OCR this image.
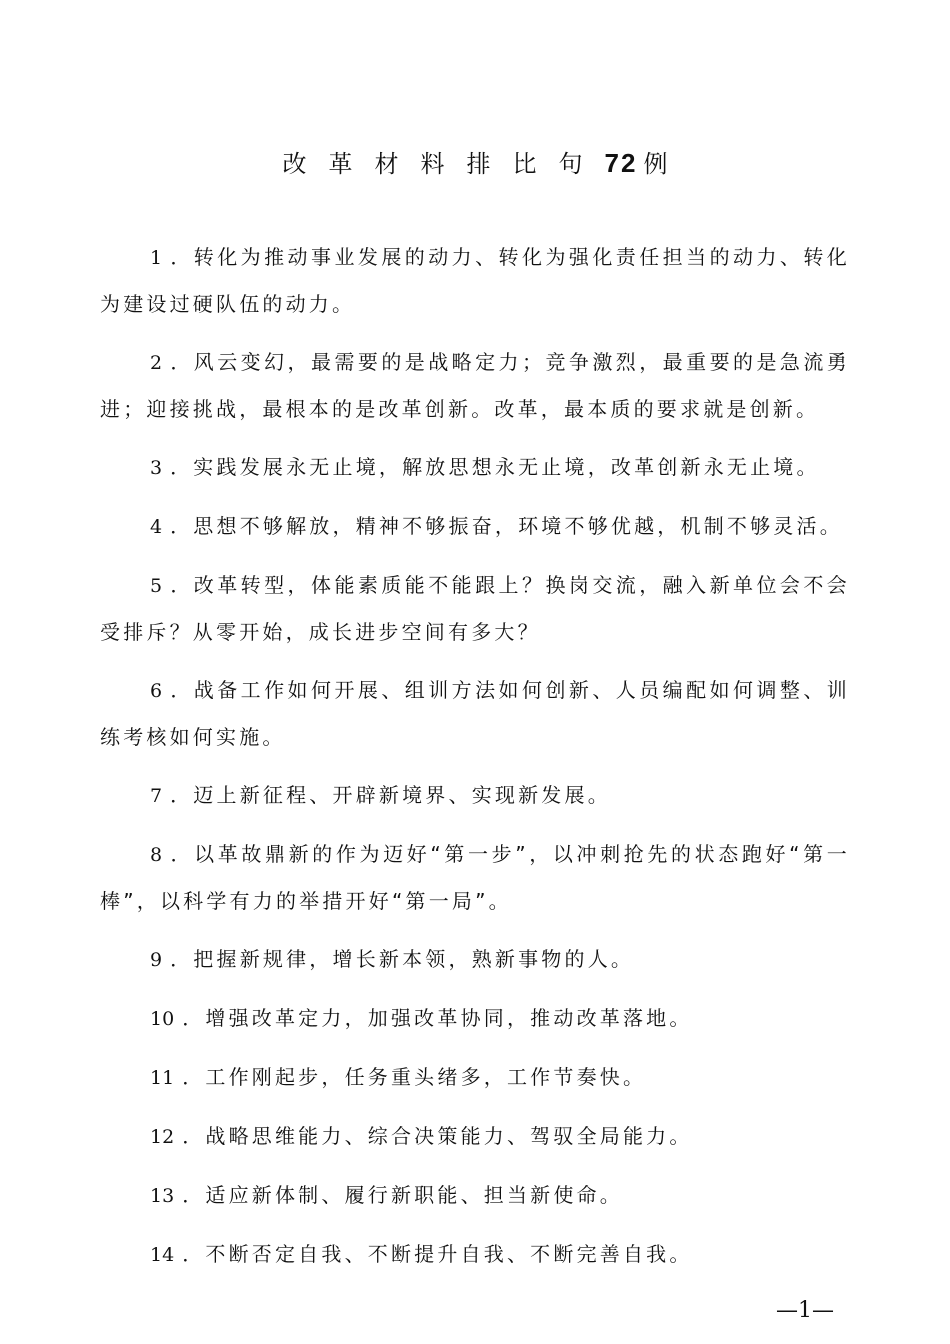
改革材料排比句72 例

1 ．转化为推动事业发展的动力、转化为强化责任担当的动力、转化为建设过硬队伍的动力。

2 ．风云变幻，最需要的是战略定力；竞争激烈，最重要的是急流勇进；迎接挑战，最根本的是改革创新。改革，最本质的要求就是创新。

3 ．实践发展永无止境，解放思想永无止境，改革创新永无止境。

4 ．思想不够解放，精神不够振奋，环境不够优越，机制不够灵活。

5 ．改革转型，体能素质能不能跟上？换岗交流，融入新单位会不会受排斥？从零开始，成长进步空间有多大？

6 ．战备工作如何开展、组训方法如何创新、人员编配如何调整、训练考核如何实施。

7 ．迈上新征程、开辟新境界、实现新发展。

8 ．以革故鼎新的作为迈好“第一步”，以冲刺抢先的状态跑好“第一棒”，以科学有力的举措开好“第一局”。

9 ．把握新规律，增长新本领，熟新事物的人。

10 ．增强改革定力，加强改革协同，推动改革落地。

11 ．工作刚起步，任务重头绪多，工作节奏快。

12 ．战略思维能力、综合决策能力、驾驭全局能力。

13 ．适应新体制、履行新职能、担当新使命。

14 ．不断否定自我、不断提升自我、不断完善自我。

—1—
